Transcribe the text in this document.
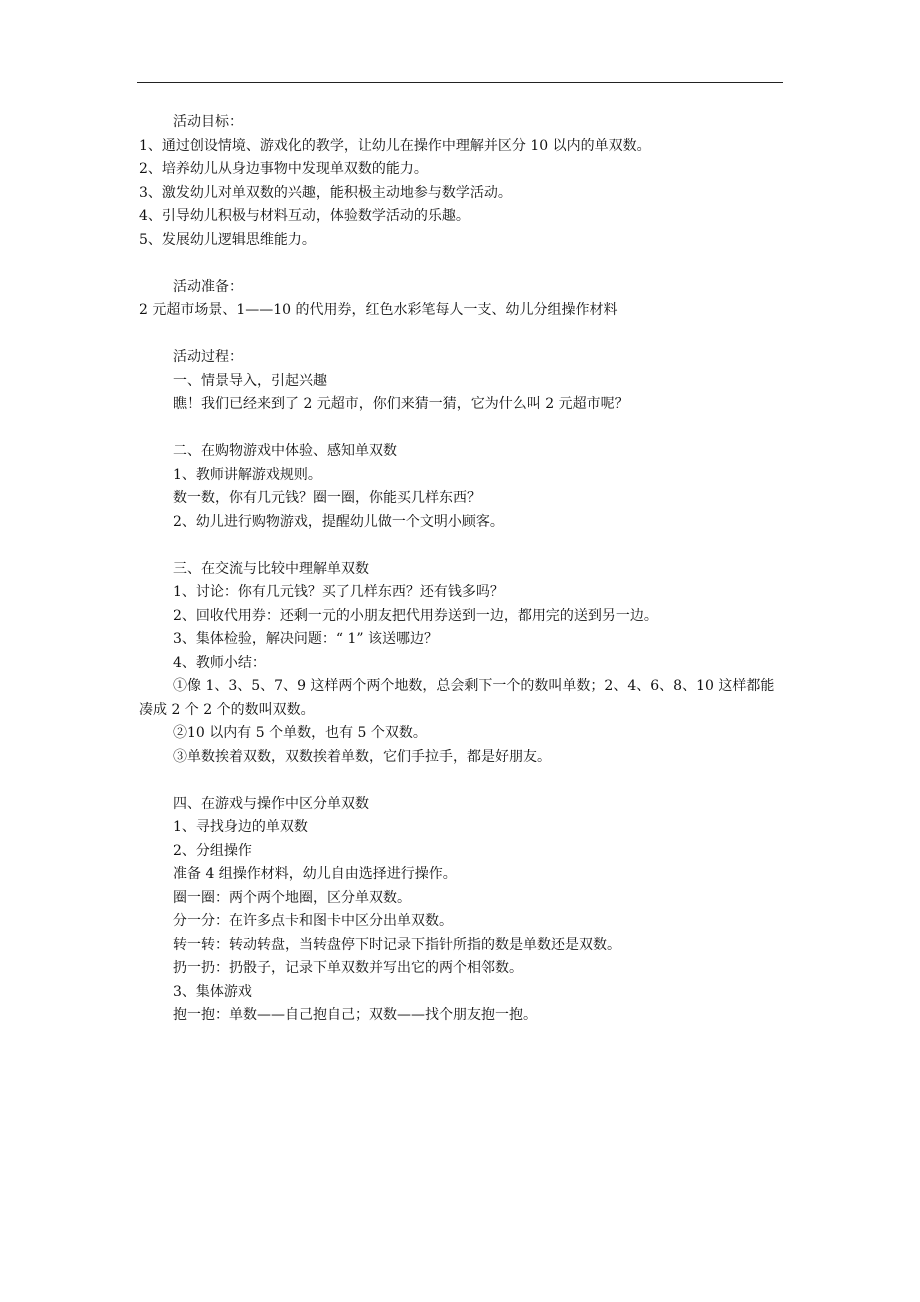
活动目标：
1、通过创设情境、游戏化的教学，让幼儿在操作中理解并区分 10 以内的单双数。
2、培养幼儿从身边事物中发现单双数的能力。
3、激发幼儿对单双数的兴趣，能积极主动地参与数学活动。
4、引导幼儿积极与材料互动，体验数学活动的乐趣。
5、发展幼儿逻辑思维能力。
活动准备：
2 元超市场景、1——10 的代用券，红色水彩笔每人一支、幼儿分组操作材料
活动过程：
一、情景导入，引起兴趣
瞧！我们已经来到了 2 元超市，你们来猜一猜，它为什么叫 2 元超市呢？
二、在购物游戏中体验、感知单双数
1、教师讲解游戏规则。
数一数，你有几元钱？圈一圈，你能买几样东西？
2、幼儿进行购物游戏，提醒幼儿做一个文明小顾客。
三、在交流与比较中理解单双数
1、讨论：你有几元钱？买了几样东西？还有钱多吗？
2、回收代用券：还剩一元的小朋友把代用券送到一边，都用完的送到另一边。
3、集体检验，解决问题：“ 1” 该送哪边？
4、教师小结：
①像 1、3、5、7、9 这样两个两个地数，总会剩下一个的数叫单数；2、4、6、8、10 这样都能凑成 2 个 2 个的数叫双数。
②10 以内有 5 个单数，也有 5 个双数。
③单数挨着双数，双数挨着单数，它们手拉手，都是好朋友。
四、在游戏与操作中区分单双数
1、寻找身边的单双数
2、分组操作
准备 4 组操作材料，幼儿自由选择进行操作。
圈一圈：两个两个地圈，区分单双数。
分一分：在许多点卡和图卡中区分出单双数。
转一转：转动转盘，当转盘停下时记录下指针所指的数是单数还是双数。
扔一扔：扔骰子，记录下单双数并写出它的两个相邻数。
3、集体游戏
抱一抱：单数——自己抱自己；双数——找个朋友抱一抱。
